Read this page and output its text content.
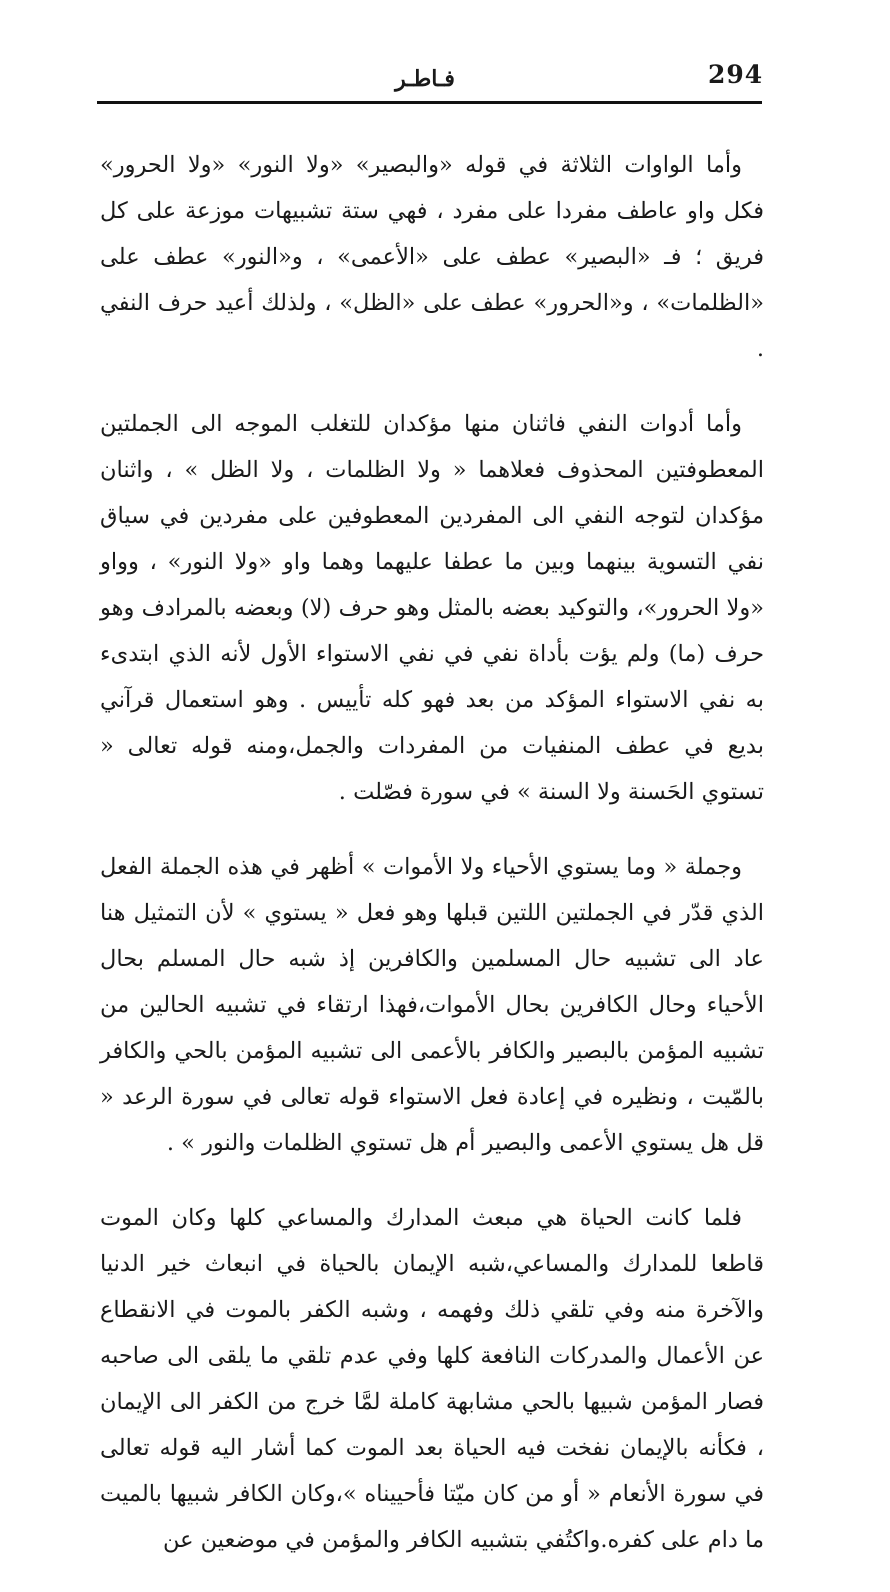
294
فـاطـر

وأما الواوات الثلاثة في قوله «والبصير» «ولا النور» «ولا الحرور» فكل واو عاطف مفردا على مفرد ، فهي ستة تشبيهات موزعة على كل فريق ؛ فـ «البصير» عطف على «الأعمى» ، و«النور» عطف على «الظلمات» ، و«الحرور» عطف على «الظل» ، ولذلك أعيد حرف النفي .

وأما أدوات النفي فاثنان منها مؤكدان للتغلب الموجه الى الجملتين المعطوفتين المحذوف فعلاهما « ولا الظلمات ، ولا الظل » ، واثنان مؤكدان لتوجه النفي الى المفردين المعطوفين على مفردين في سياق نفي التسوية بينهما وبين ما عطفا عليهما وهما واو «ولا النور» ، وواو «ولا الحرور»، والتوكيد بعضه بالمثل وهو حرف (لا) وبعضه بالمرادف وهو حرف (ما) ولم يؤت بأداة نفي في نفي الاستواء الأول لأنه الذي ابتدىء به نفي الاستواء المؤكد من بعد فهو كله تأييس . وهو استعمال قرآني بديع في عطف المنفيات من المفردات والجمل،ومنه قوله تعالى « تستوي الحَسنة ولا السنة » في سورة فصّلت .

وجملة « وما يستوي الأحياء ولا الأموات » أظهر في هذه الجملة الفعل الذي قدّر في الجملتين اللتين قبلها وهو فعل « يستوي » لأن التمثيل هنا عاد الى تشبيه حال المسلمين والكافرين إذ شبه حال المسلم بحال الأحياء وحال الكافرين بحال الأموات،فهذا ارتقاء في تشبيه الحالين من تشبيه المؤمن بالبصير والكافر بالأعمى الى تشبيه المؤمن بالحي والكافر بالمّيت ، ونظيره في إعادة فعل الاستواء قوله تعالى في سورة الرعد « قل هل يستوي الأعمى والبصير أم هل تستوي الظلمات والنور » .

فلما كانت الحياة هي مبعث المدارك والمساعي كلها وكان الموت قاطعا للمدارك والمساعي،شبه الإيمان بالحياة في انبعاث خير الدنيا والآخرة منه وفي تلقي ذلك وفهمه ، وشبه الكفر بالموت في الانقطاع عن الأعمال والمدركات النافعة كلها وفي عدم تلقي ما يلقى الى صاحبه فصار المؤمن شبيها بالحي مشابهة كاملة لمَّا خرج من الكفر الى الإيمان ، فكأنه بالإيمان نفخت فيه الحياة بعد الموت كما أشار اليه قوله تعالى في سورة الأنعام « أو من كان ميّتا فأحييناه »،وكان الكافر شبيها بالميت ما دام على كفره.واكتُفي بتشبيه الكافر والمؤمن في موضعين عن
